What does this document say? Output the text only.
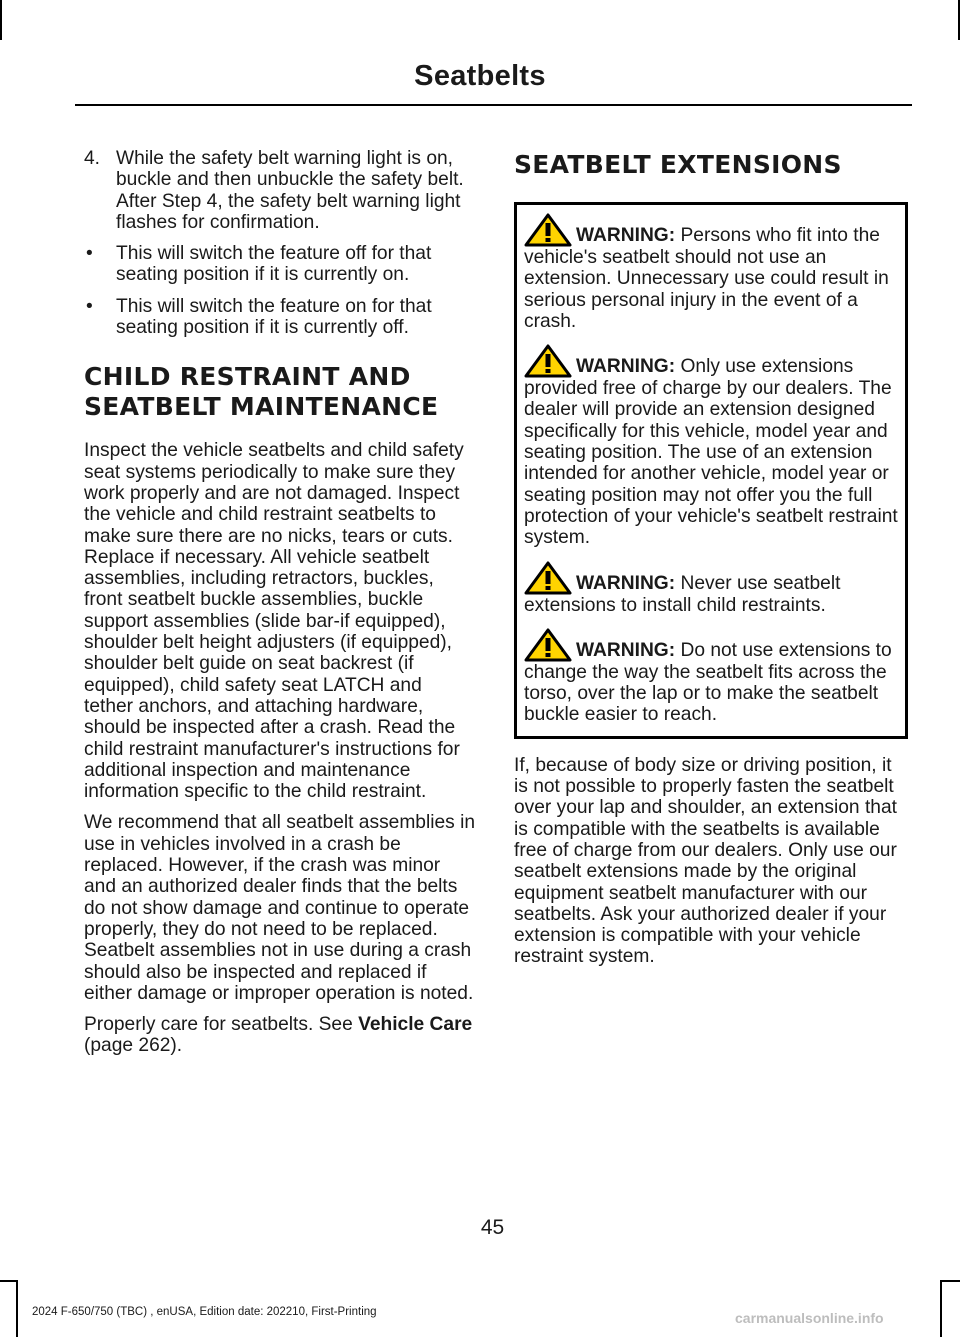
Seatbelts
4. While the safety belt warning light is on, buckle and then unbuckle the safety belt. After Step 4, the safety belt warning light flashes for confirmation.
• This will switch the feature off for that seating position if it is currently on.
• This will switch the feature on for that seating position if it is currently off.
CHILD RESTRAINT AND
SEATBELT MAINTENANCE

Inspect the vehicle seatbelts and child safety seat systems periodically to make sure they work properly and are not damaged. Inspect the vehicle and child restraint seatbelts to make sure there are no nicks, tears or cuts. Replace if necessary. All vehicle seatbelt assemblies, including retractors, buckles, front seatbelt buckle assemblies, buckle support assemblies (slide bar-if equipped), shoulder belt height adjusters (if equipped), shoulder belt guide on seat backrest (if equipped), child safety seat LATCH and tether anchors, and attaching hardware, should be inspected after a crash. Read the child restraint manufacturer's instructions for additional inspection and maintenance information specific to the child restraint.

We recommend that all seatbelt assemblies in use in vehicles involved in a crash be replaced. However, if the crash was minor and an authorized dealer finds that the belts do not show damage and continue to operate properly, they do not need to be replaced. Seatbelt assemblies not in use during a crash should also be inspected and replaced if either damage or improper operation is noted.

Properly care for seatbelts. See Vehicle Care (page 262).

SEATBELT EXTENSIONS
WARNING: Persons who fit into the vehicle's seatbelt should not use an extension. Unnecessary use could result in serious personal injury in the event of a crash.
WARNING: Only use extensions provided free of charge by our dealers. The dealer will provide an extension designed specifically for this vehicle, model year and seating position. The use of an extension intended for another vehicle, model year or seating position may not offer you the full protection of your vehicle's seatbelt restraint system.
WARNING: Never use seatbelt extensions to install child restraints.
WARNING: Do not use extensions to change the way the seatbelt fits across the torso, over the lap or to make the seatbelt buckle easier to reach.

If, because of body size or driving position, it is not possible to properly fasten the seatbelt over your lap and shoulder, an extension that is compatible with the seatbelts is available free of charge from our dealers. Only use our seatbelt extensions made by the original equipment seatbelt manufacturer with our seatbelts. Ask your authorized dealer if your extension is compatible with your vehicle restraint system.

45
2024 F-650/750 (TBC) , enUSA, Edition date: 202210, First-Printing	carmanualsonline.info
